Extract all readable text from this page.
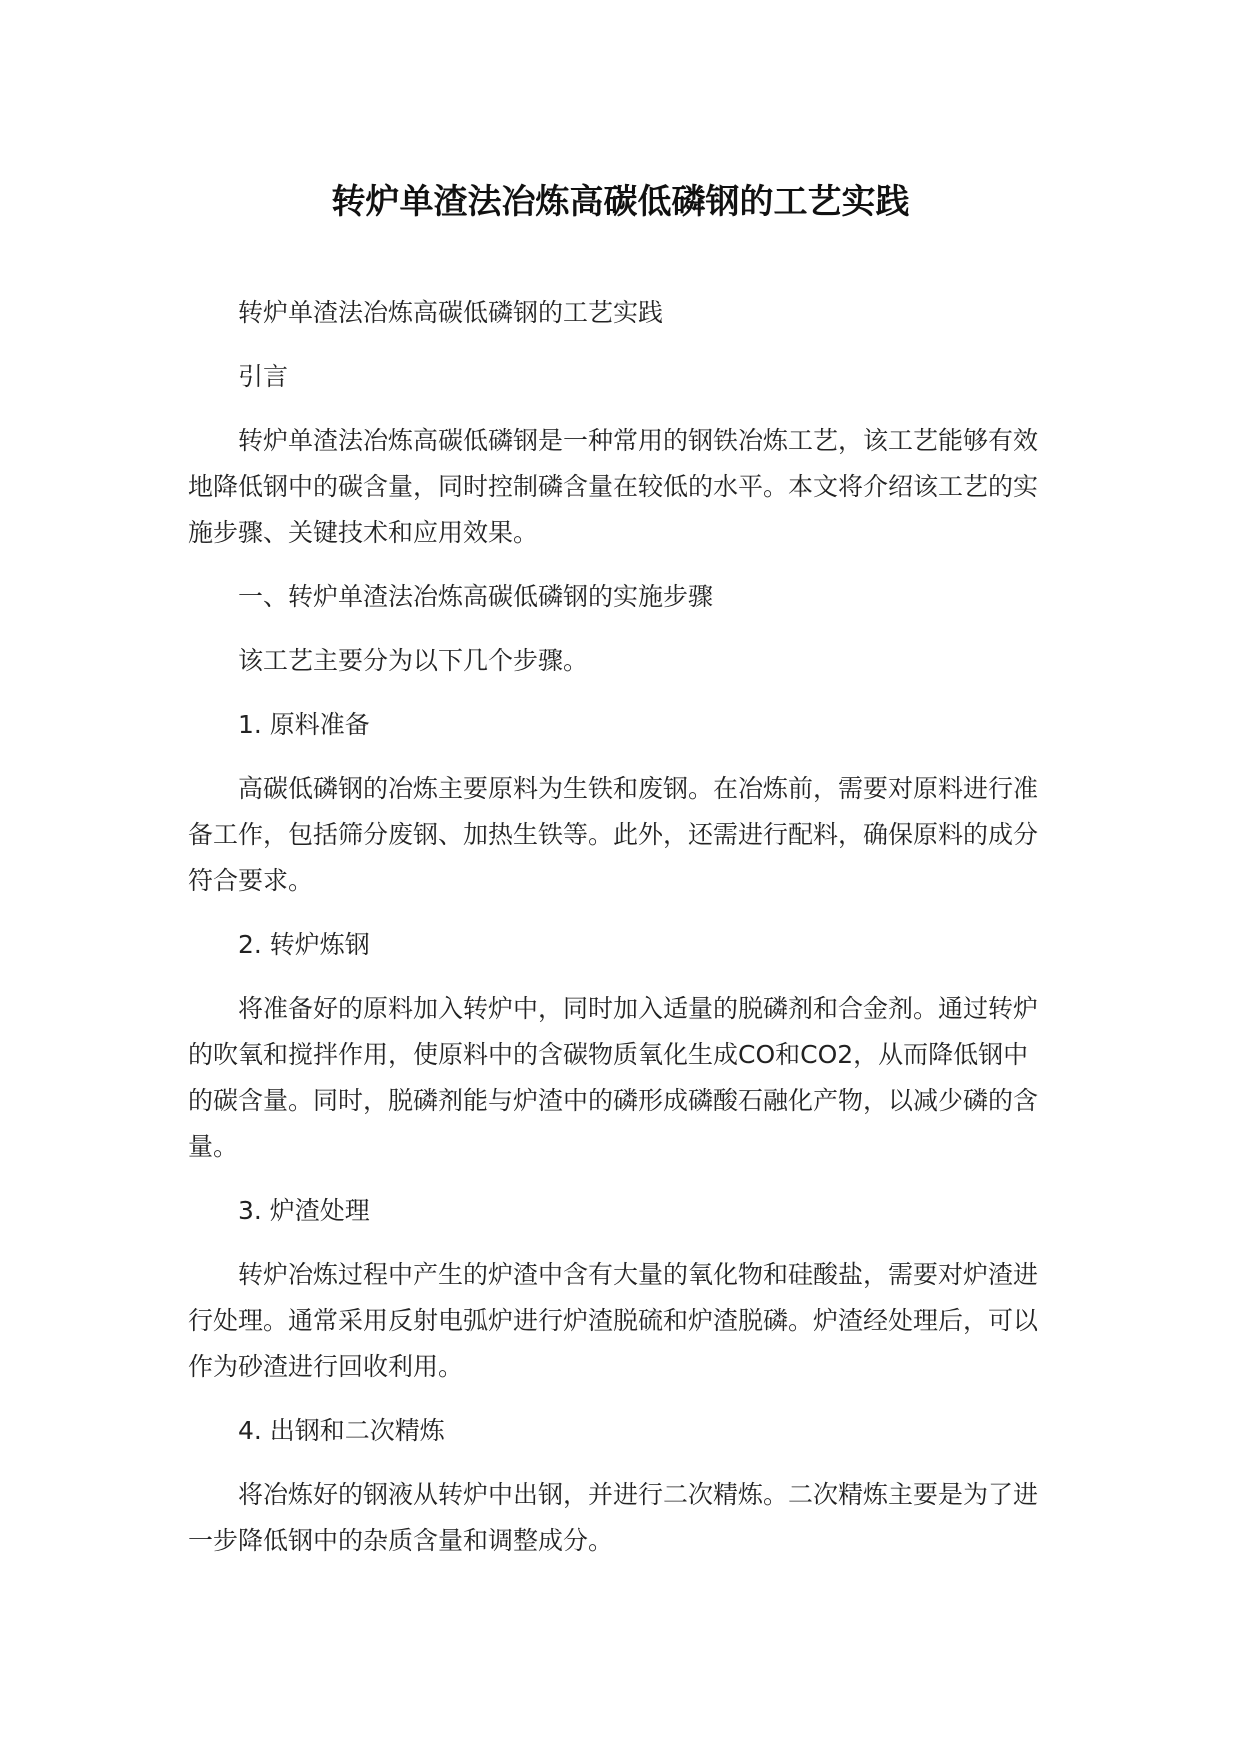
转炉单渣法冶炼高碳低磷钢的工艺实践

转炉单渣法冶炼高碳低磷钢的工艺实践

引言

转炉单渣法冶炼高碳低磷钢是一种常用的钢铁冶炼工艺，该工艺能够有效地降低钢中的碳含量，同时控制磷含量在较低的水平。本文将介绍该工艺的实施步骤、关键技术和应用效果。

一、转炉单渣法冶炼高碳低磷钢的实施步骤

该工艺主要分为以下几个步骤。

1. 原料准备

高碳低磷钢的冶炼主要原料为生铁和废钢。在冶炼前，需要对原料进行准备工作，包括筛分废钢、加热生铁等。此外，还需进行配料，确保原料的成分符合要求。

2. 转炉炼钢

将准备好的原料加入转炉中，同时加入适量的脱磷剂和合金剂。通过转炉的吹氧和搅拌作用，使原料中的含碳物质氧化生成CO和CO2，从而降低钢中的碳含量。同时，脱磷剂能与炉渣中的磷形成磷酸石融化产物，以减少磷的含量。

3. 炉渣处理

转炉冶炼过程中产生的炉渣中含有大量的氧化物和硅酸盐，需要对炉渣进行处理。通常采用反射电弧炉进行炉渣脱硫和炉渣脱磷。炉渣经处理后，可以作为砂渣进行回收利用。

4. 出钢和二次精炼

将冶炼好的钢液从转炉中出钢，并进行二次精炼。二次精炼主要是为了进一步降低钢中的杂质含量和调整成分。
